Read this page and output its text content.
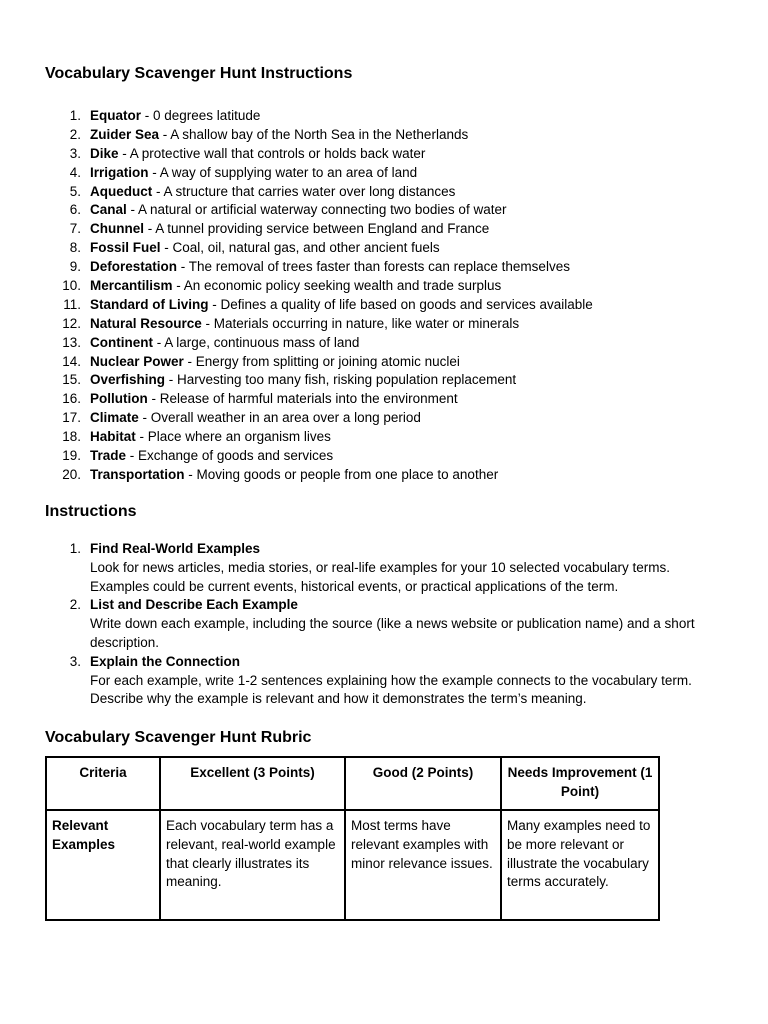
Vocabulary Scavenger Hunt Instructions
1. Equator - 0 degrees latitude
2. Zuider Sea - A shallow bay of the North Sea in the Netherlands
3. Dike - A protective wall that controls or holds back water
4. Irrigation - A way of supplying water to an area of land
5. Aqueduct - A structure that carries water over long distances
6. Canal - A natural or artificial waterway connecting two bodies of water
7. Chunnel - A tunnel providing service between England and France
8. Fossil Fuel - Coal, oil, natural gas, and other ancient fuels
9. Deforestation - The removal of trees faster than forests can replace themselves
10. Mercantilism - An economic policy seeking wealth and trade surplus
11. Standard of Living - Defines a quality of life based on goods and services available
12. Natural Resource - Materials occurring in nature, like water or minerals
13. Continent - A large, continuous mass of land
14. Nuclear Power - Energy from splitting or joining atomic nuclei
15. Overfishing - Harvesting too many fish, risking population replacement
16. Pollution - Release of harmful materials into the environment
17. Climate - Overall weather in an area over a long period
18. Habitat - Place where an organism lives
19. Trade - Exchange of goods and services
20. Transportation - Moving goods or people from one place to another
Instructions
1. Find Real-World Examples
Look for news articles, media stories, or real-life examples for your 10 selected vocabulary terms. Examples could be current events, historical events, or practical applications of the term.
2. List and Describe Each Example
Write down each example, including the source (like a news website or publication name) and a short description.
3. Explain the Connection
For each example, write 1-2 sentences explaining how the example connects to the vocabulary term. Describe why the example is relevant and how it demonstrates the term’s meaning.
Vocabulary Scavenger Hunt Rubric
Criteria	Excellent (3 Points)	Good (2 Points)	Needs Improvement (1 Point)
Relevant Examples	Each vocabulary term has a relevant, real-world example that clearly illustrates its meaning.	Most terms have relevant examples with minor relevance issues.	Many examples need to be more relevant or illustrate the vocabulary terms accurately.
